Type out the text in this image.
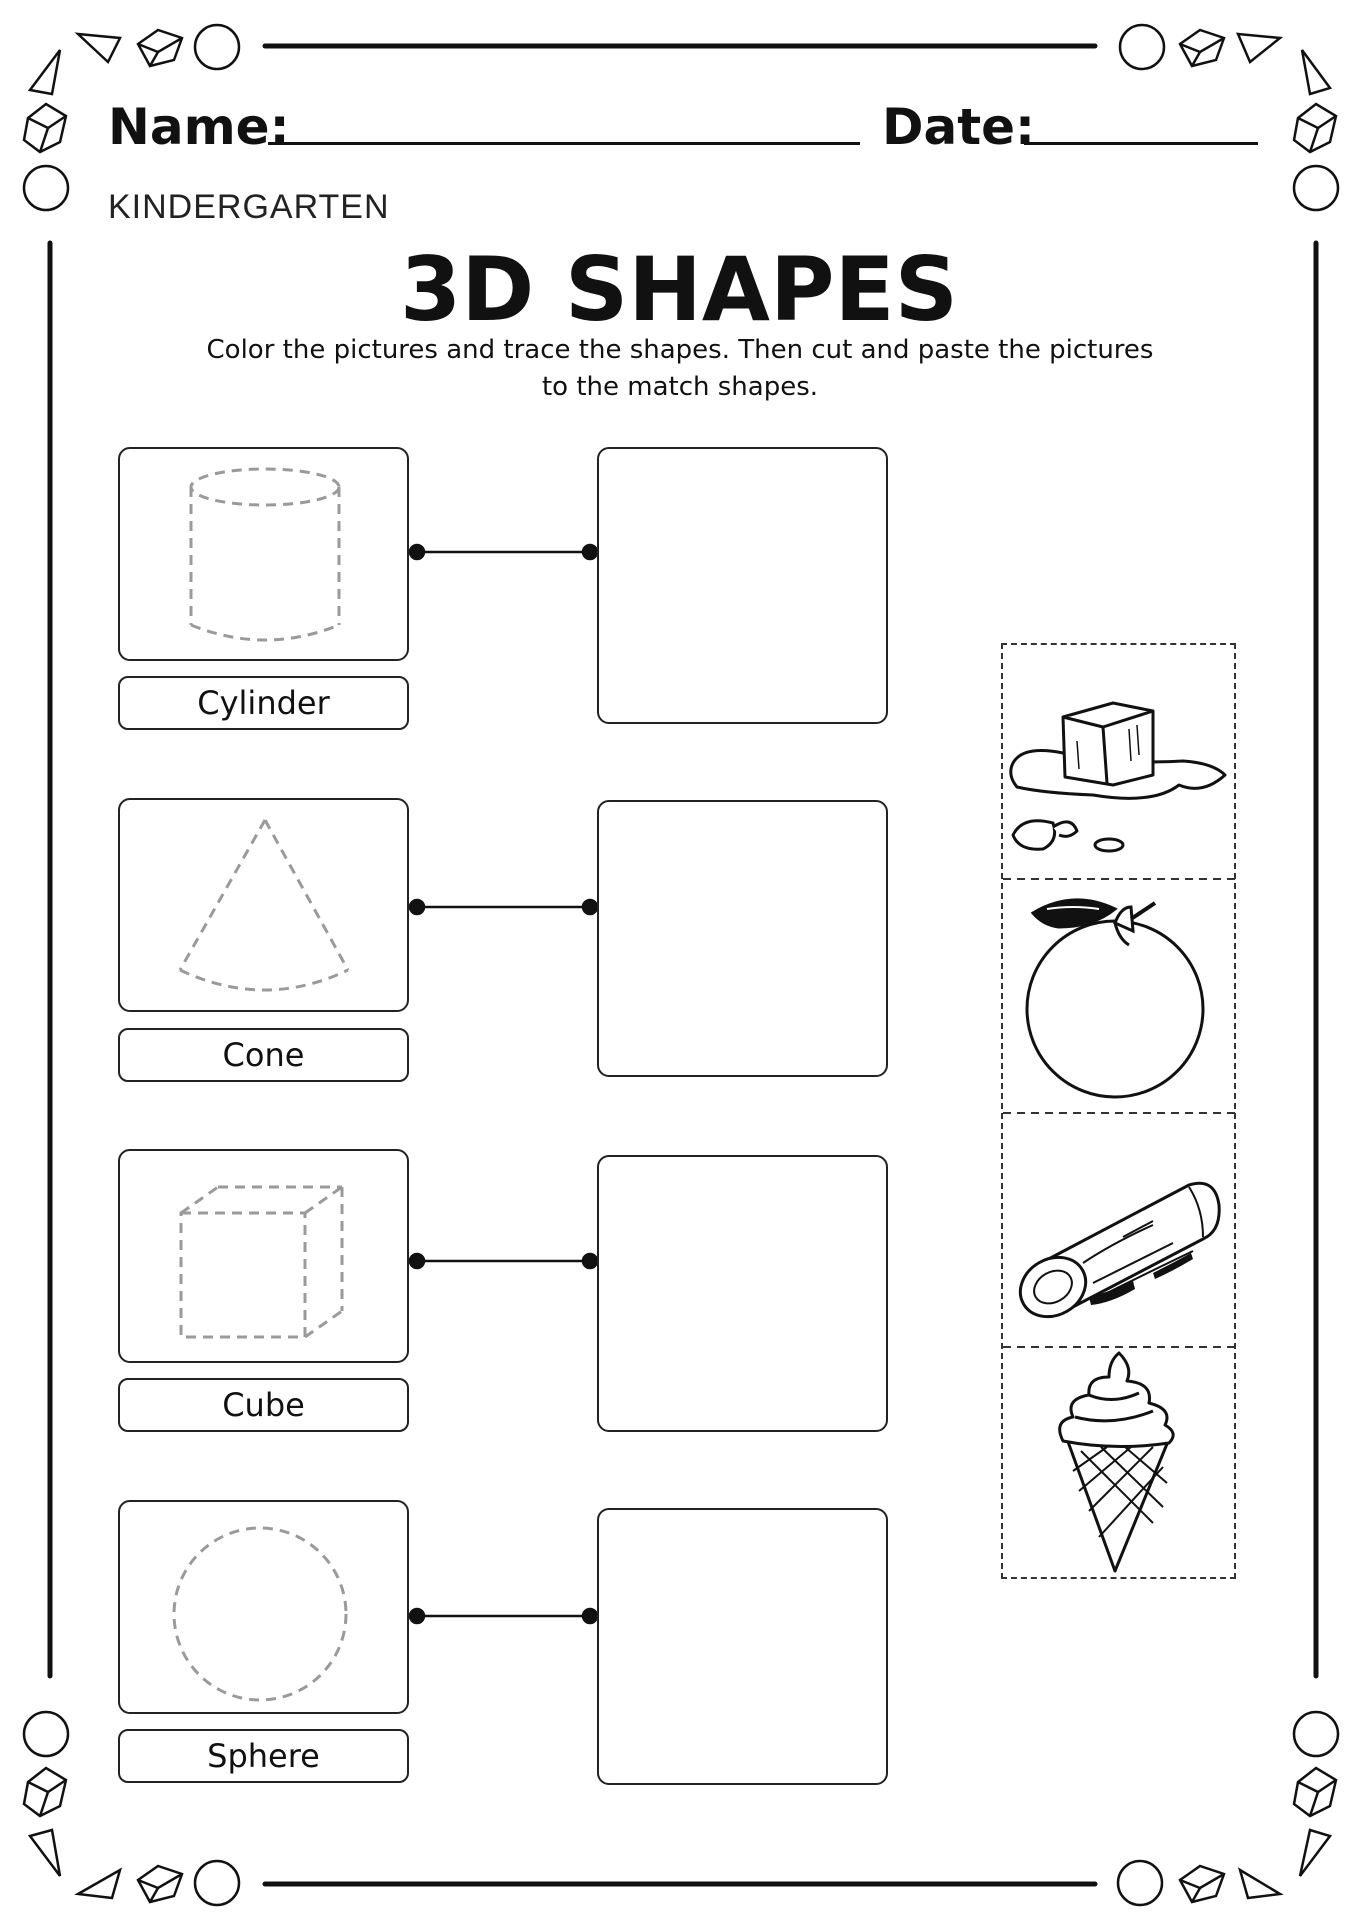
Name:	Date:
KINDERGARTEN
3D SHAPES
Color the pictures and trace the shapes. Then cut and paste the pictures
to the match shapes.
Cylinder
Cone
Cube
Sphere
